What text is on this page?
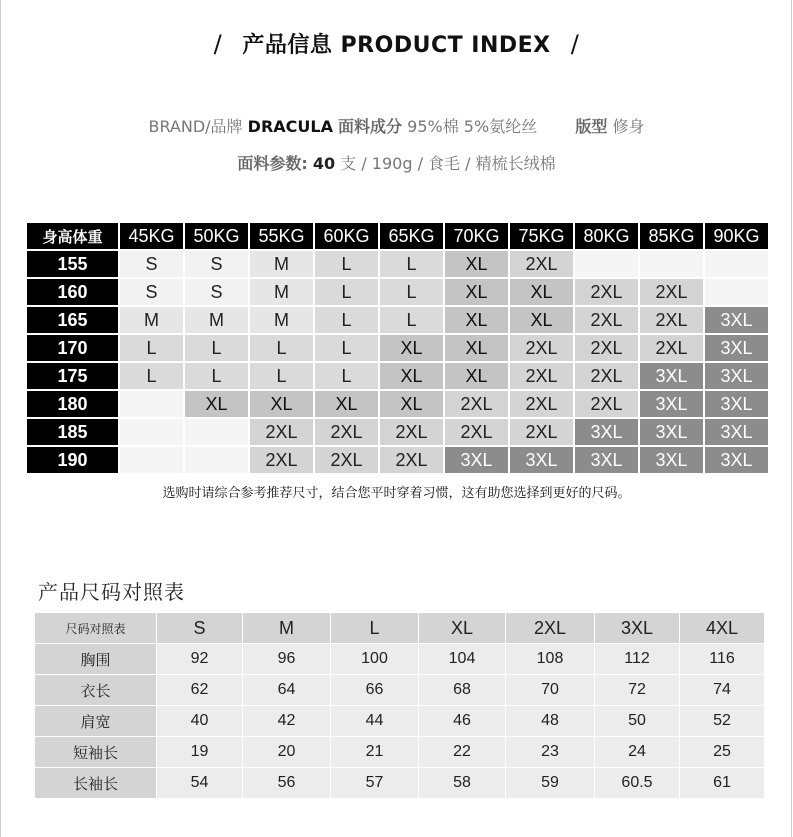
/ 产品信息 PRODUCT INDEX /
BRAND/品牌 DRACULA 面料成分 95%棉 5%氨纶丝 版型 修身
面料参数: 40 支 / 190g / 食毛 / 精梳长绒棉
身高体重	45KG	50KG	55KG	60KG	65KG	70KG	75KG	80KG	85KG	90KG
155	S	S	M	L	L	XL	2XL			
160	S	S	M	L	L	XL	XL	2XL	2XL	
165	M	M	M	L	L	XL	XL	2XL	2XL	3XL
170	L	L	L	L	XL	XL	2XL	2XL	2XL	3XL
175	L	L	L	L	XL	XL	2XL	2XL	3XL	3XL
180		XL	XL	XL	XL	2XL	2XL	2XL	3XL	3XL
185			2XL	2XL	2XL	2XL	2XL	3XL	3XL	3XL
190			2XL	2XL	2XL	3XL	3XL	3XL	3XL	3XL
选购时请综合参考推荐尺寸，结合您平时穿着习惯，这有助您选择到更好的尺码。
产品尺码对照表
尺码对照表	S	M	L	XL	2XL	3XL	4XL
胸围	92	96	100	104	108	112	116
衣长	62	64	66	68	70	72	74
肩宽	40	42	44	46	48	50	52
短袖长	19	20	21	22	23	24	25
长袖长	54	56	57	58	59	60.5	61
